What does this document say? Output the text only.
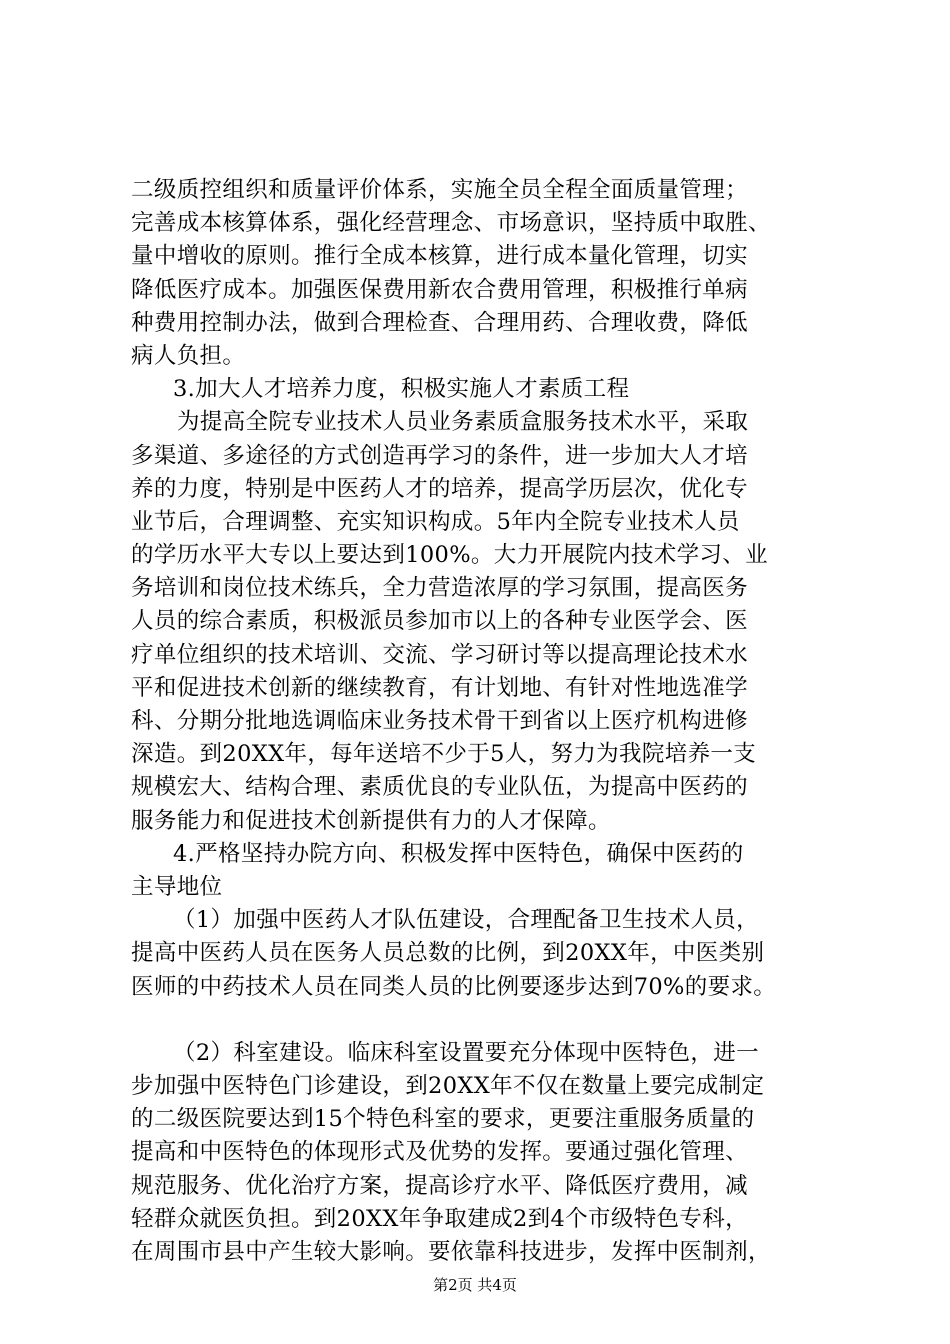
二级质控组织和质量评价体系，实施全员全程全面质量管理；
完善成本核算体系，强化经营理念、市场意识，坚持质中取胜、
量中增收的原则。推行全成本核算，进行成本量化管理，切实
降低医疗成本。加强医保费用新农合费用管理，积极推行单病
种费用控制办法，做到合理检查、合理用药、合理收费，降低
病人负担。
3.加大人才培养力度，积极实施人才素质工程
为提高全院专业技术人员业务素质盒服务技术水平，采取
多渠道、多途径的方式创造再学习的条件，进一步加大人才培
养的力度，特别是中医药人才的培养，提高学历层次，优化专
业节后，合理调整、充实知识构成。5年内全院专业技术人员
的学历水平大专以上要达到100%。大力开展院内技术学习、业
务培训和岗位技术练兵，全力营造浓厚的学习氛围，提高医务
人员的综合素质，积极派员参加市以上的各种专业医学会、医
疗单位组织的技术培训、交流、学习研讨等以提高理论技术水
平和促进技术创新的继续教育，有计划地、有针对性地选准学
科、分期分批地选调临床业务技术骨干到省以上医疗机构进修
深造。到20XX年，每年送培不少于5人，努力为我院培养一支
规模宏大、结构合理、素质优良的专业队伍，为提高中医药的
服务能力和促进技术创新提供有力的人才保障。
4.严格坚持办院方向、积极发挥中医特色，确保中医药的
主导地位
（1）加强中医药人才队伍建设，合理配备卫生技术人员，
提高中医药人员在医务人员总数的比例，到20XX年，中医类别
医师的中药技术人员在同类人员的比例要逐步达到70%的要求。
（2）科室建设。临床科室设置要充分体现中医特色，进一
步加强中医特色门诊建设，到20XX年不仅在数量上要完成制定
的二级医院要达到15个特色科室的要求，更要注重服务质量的
提高和中医特色的体现形式及优势的发挥。要通过强化管理、
规范服务、优化治疗方案，提高诊疗水平、降低医疗费用，减
轻群众就医负担。到20XX年争取建成2到4个市级特色专科，
在周围市县中产生较大影响。要依靠科技进步，发挥中医制剂，
第2页 共4页
